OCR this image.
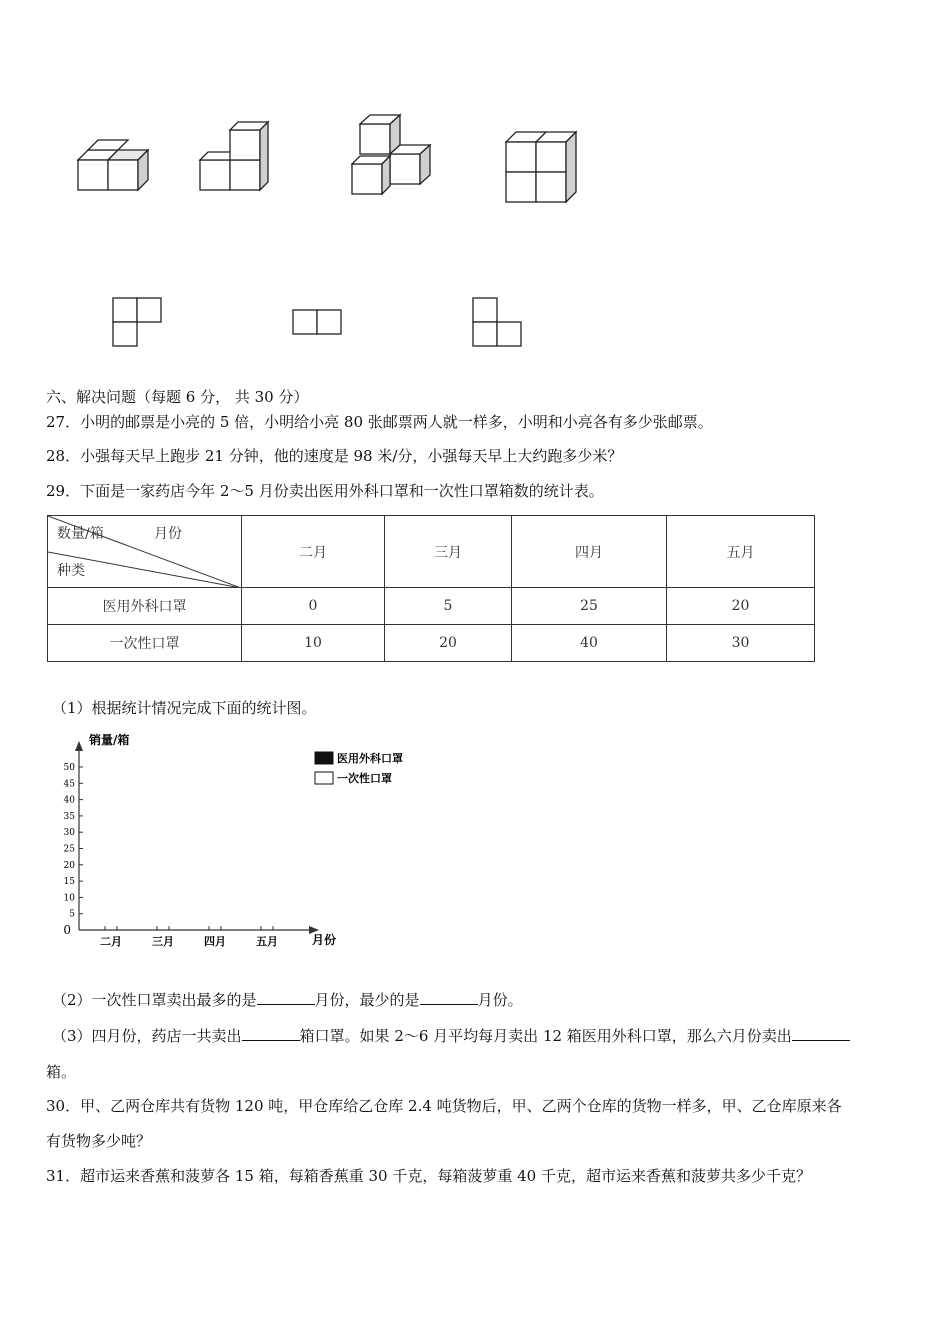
六、解决问题（每题 6 分， 共 30 分）
27．小明的邮票是小亮的 5 倍，小明给小亮 80 张邮票两人就一样多，小明和小亮各有多少张邮票。
28．小强每天早上跑步 21 分钟，他的速度是 98 米/分，小强每天早上大约跑多少米？
29．下面是一家药店今年 2～5 月份卖出医用外科口罩和一次性口罩箱数的统计表。
数量/箱 月份
种类	二月	三月	四月	五月
医用外科口罩	0	5	25	20
一次性口罩	10	20	40	30
（1）根据统计情况完成下面的统计图。
销量/箱
0
5
10
15
20
25
30
35
40
45
50
二月	三月	四月	五月	月份
医用外科口罩
一次性口罩
（2）一次性口罩卖出最多的是	月份，最少的是	月份。
（3）四月份，药店一共卖出	箱口罩。如果 2～6 月平均每月卖出 12 箱医用外科口罩，那么六月份卖出
箱。
30．甲、乙两仓库共有货物 120 吨，甲仓库给乙仓库 2.4 吨货物后，甲、乙两个仓库的货物一样多，甲、乙仓库原来各
有货物多少吨？
31．超市运来香蕉和菠萝各 15 箱，每箱香蕉重 30 千克，每箱菠萝重 40 千克，超市运来香蕉和菠萝共多少千克？
